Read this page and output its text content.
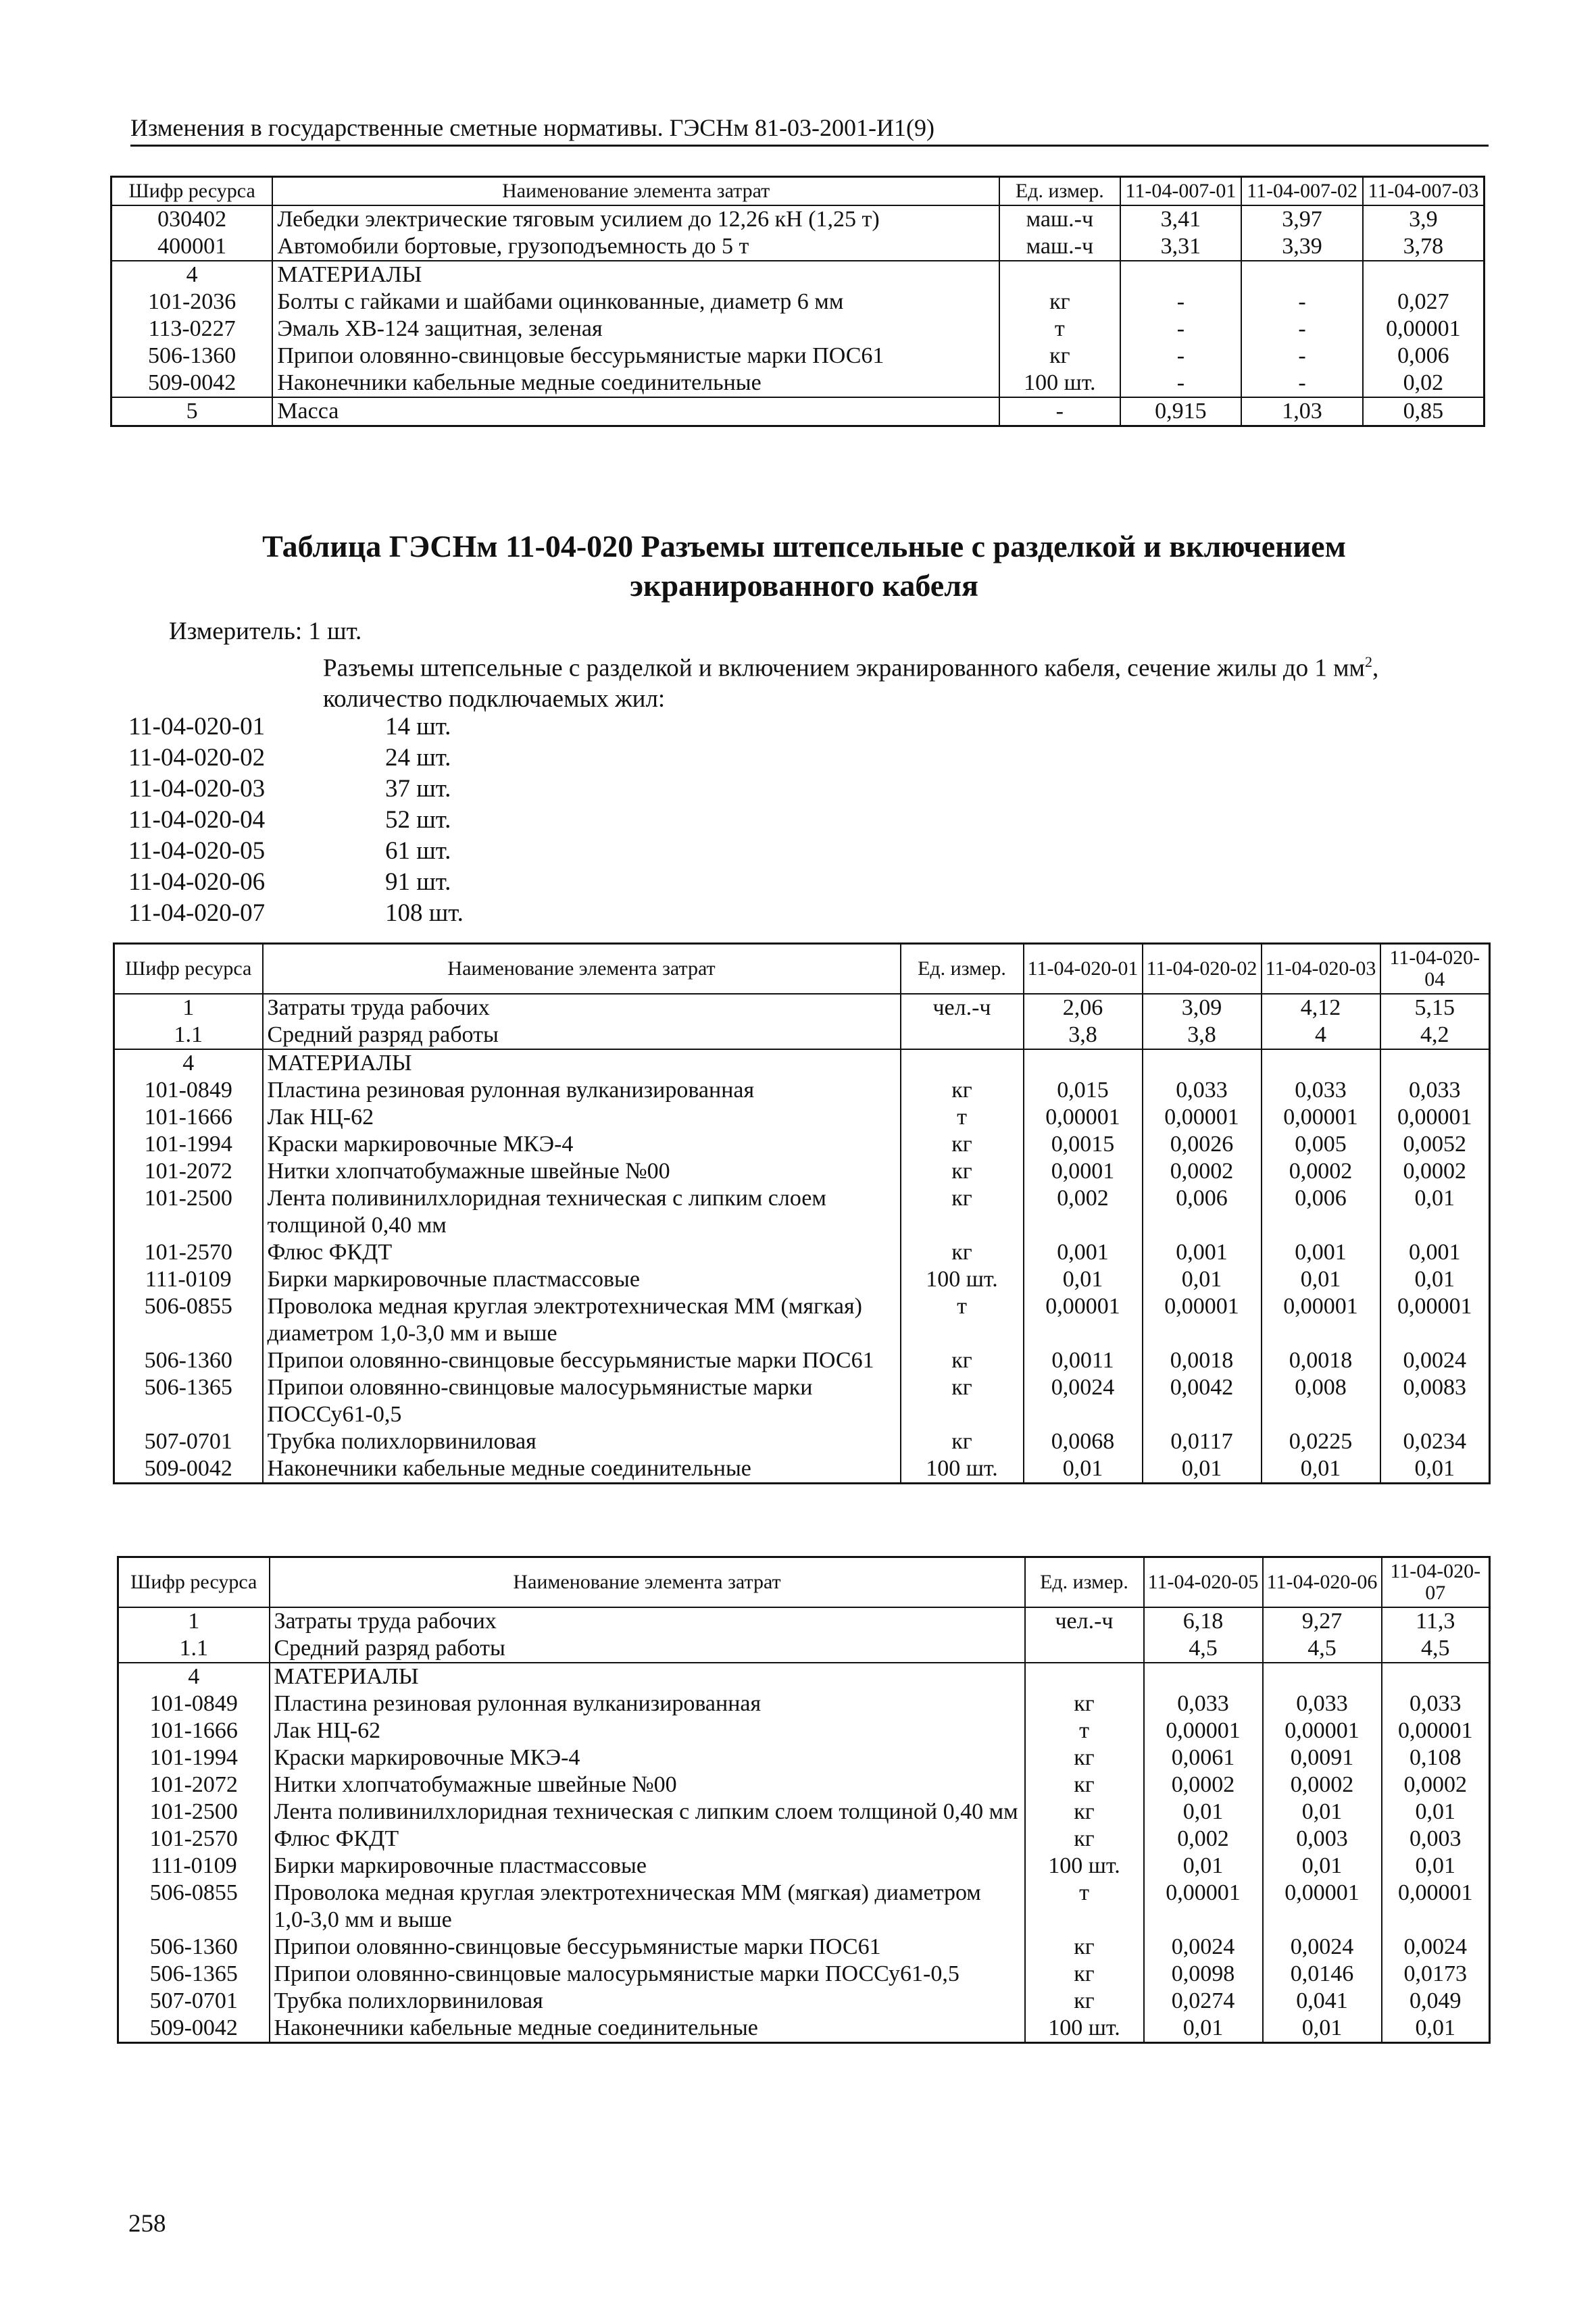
Изменения в государственные сметные нормативы. ГЭСНм 81-03-2001-И1(9)
Шифр ресурса	Наименование элемента затрат	Ед. измер.	11-04-007-01	11-04-007-02	11-04-007-03
030402	Лебедки электрические тяговым усилием до 12,26 кН (1,25 т)	маш.-ч	3,41	3,97	3,9
400001	Автомобили бортовые, грузоподъемность до 5 т	маш.-ч	3,31	3,39	3,78
4	МАТЕРИАЛЫ				
101-2036	Болты с гайками и шайбами оцинкованные, диаметр 6 мм	кг	-	-	0,027
113-0227	Эмаль ХВ-124 защитная, зеленая	т	-	-	0,00001
506-1360	Припои оловянно-свинцовые бессурьмянистые марки ПОС61	кг	-	-	0,006
509-0042	Наконечники кабельные медные соединительные	100 шт.	-	-	0,02
5	Масса	-	0,915	1,03	0,85
Таблица ГЭСНм 11-04-020 Разъемы штепсельные с разделкой и включением
экранированного кабеля
Измеритель: 1 шт.
Разъемы штепсельные с разделкой и включением экранированного кабеля, сечение жилы до 1 $мм^2$, количество подключаемых жил:
11-04-020-01	14 шт.
11-04-020-02	24 шт.
11-04-020-03	37 шт.
11-04-020-04	52 шт.
11-04-020-05	61 шт.
11-04-020-06	91 шт.
11-04-020-07	108 шт.
Шифр ресурса	Наименование элемента затрат	Ед. измер.	11-04-020-01	11-04-020-02	11-04-020-03	11-04-020-04
1	Затраты труда рабочих	чел.-ч	2,06	3,09	4,12	5,15
1.1	Средний разряд работы		3,8	3,8	4	4,2
4	МАТЕРИАЛЫ					
101-0849	Пластина резиновая рулонная вулканизированная	кг	0,015	0,033	0,033	0,033
101-1666	Лак НЦ-62	т	0,00001	0,00001	0,00001	0,00001
101-1994	Краски маркировочные МКЭ-4	кг	0,0015	0,0026	0,005	0,0052
101-2072	Нитки хлопчатобумажные швейные №00	кг	0,0001	0,0002	0,0002	0,0002
101-2500	Лента поливинилхлоридная техническая с липким слоем толщиной 0,40 мм	кг	0,002	0,006	0,006	0,01
101-2570	Флюс ФКДТ	кг	0,001	0,001	0,001	0,001
111-0109	Бирки маркировочные пластмассовые	100 шт.	0,01	0,01	0,01	0,01
506-0855	Проволока медная круглая электротехническая ММ (мягкая) диаметром 1,0-3,0 мм и выше	т	0,00001	0,00001	0,00001	0,00001
506-1360	Припои оловянно-свинцовые бессурьмянистые марки ПОС61	кг	0,0011	0,0018	0,0018	0,0024
506-1365	Припои оловянно-свинцовые малосурьмянистые марки ПОССу61-0,5	кг	0,0024	0,0042	0,008	0,0083
507-0701	Трубка полихлорвиниловая	кг	0,0068	0,0117	0,0225	0,0234
509-0042	Наконечники кабельные медные соединительные	100 шт.	0,01	0,01	0,01	0,01
Шифр ресурса	Наименование элемента затрат	Ед. измер.	11-04-020-05	11-04-020-06	11-04-020-07
1	Затраты труда рабочих	чел.-ч	6,18	9,27	11,3
1.1	Средний разряд работы		4,5	4,5	4,5
4	МАТЕРИАЛЫ				
101-0849	Пластина резиновая рулонная вулканизированная	кг	0,033	0,033	0,033
101-1666	Лак НЦ-62	т	0,00001	0,00001	0,00001
101-1994	Краски маркировочные МКЭ-4	кг	0,0061	0,0091	0,108
101-2072	Нитки хлопчатобумажные швейные №00	кг	0,0002	0,0002	0,0002
101-2500	Лента поливинилхлоридная техническая с липким слоем толщиной 0,40 мм	кг	0,01	0,01	0,01
101-2570	Флюс ФКДТ	кг	0,002	0,003	0,003
111-0109	Бирки маркировочные пластмассовые	100 шт.	0,01	0,01	0,01
506-0855	Проволока медная круглая электротехническая ММ (мягкая) диаметром 1,0-3,0 мм и выше	т	0,00001	0,00001	0,00001
506-1360	Припои оловянно-свинцовые бессурьмянистые марки ПОС61	кг	0,0024	0,0024	0,0024
506-1365	Припои оловянно-свинцовые малосурьмянистые марки ПОССу61-0,5	кг	0,0098	0,0146	0,0173
507-0701	Трубка полихлорвиниловая	кг	0,0274	0,041	0,049
509-0042	Наконечники кабельные медные соединительные	100 шт.	0,01	0,01	0,01
258
